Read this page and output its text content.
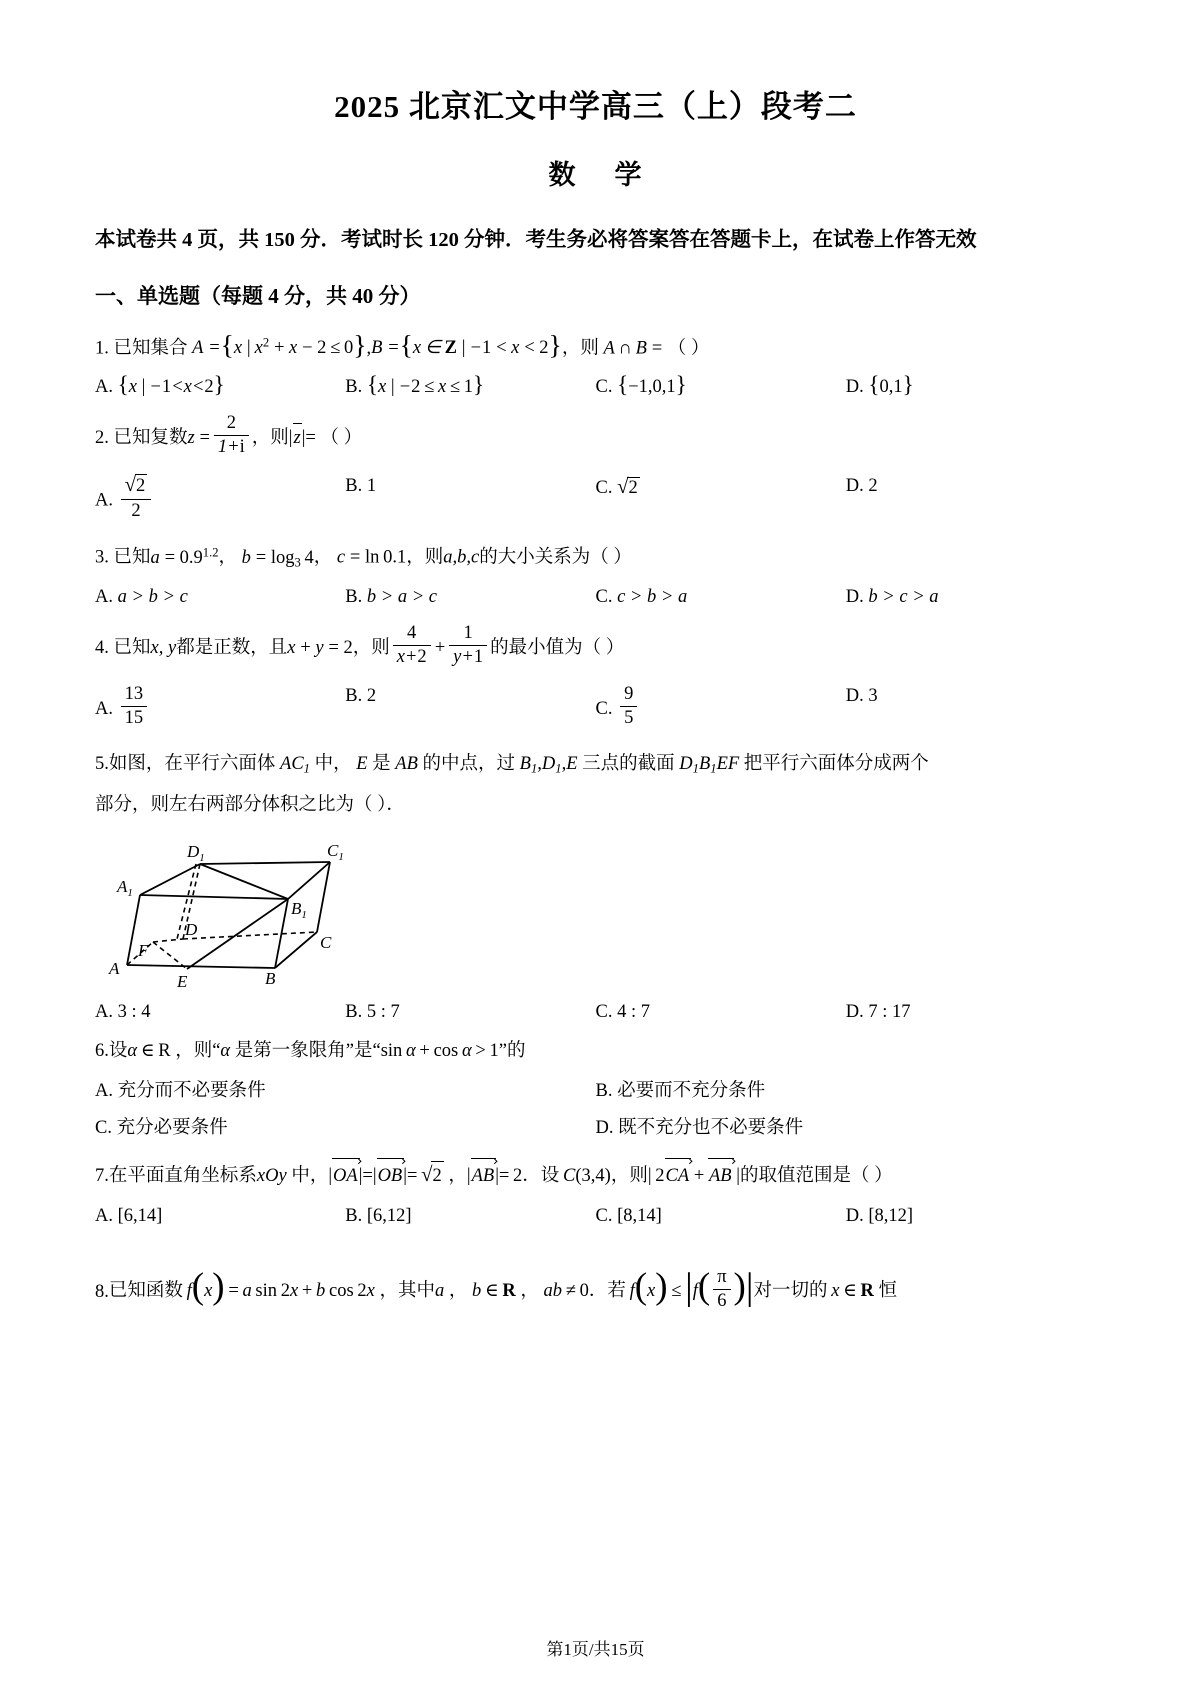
2025 北京汇文中学高三（上）段考二
数 学

本试卷共 4 页，共 150 分．考试时长 120 分钟．考生务必将答案答在答题卡上，在试卷上作答无效

一、单选题（每题 4 分，共 40 分）

1. 已知集合 A ={x | $x^2 + x - 2 \le 0\},B =\{x$ ∈ Z | −1 < x < 2}，则 A ∩ B = （ ）
A. {x | −1<x<2}	B. {x | −2 ≤ x ≤ 1}	C. {−1,0,1}	D. {0,1}
2. 已知复数$z = \frac{2}{1+i}$ ，则|z|= （ ）
A. $\frac{√2}{2}$	B. 1	C. √2	D. 2
3. 已知$a = 0.9^{1.2}$， $b = \log_3 4$， c = ln  0.1，则a,b,c的大小关系为（ ）
A. a > b > c	B. b > a > c	C. c > b > a	D. b > c > a
4. 已知x, y都是正数，且x + y = 2，则 $\frac{4}{x+2} + \frac{1}{y+1}$ 的最小值为（ ）
A. $\frac{13}{15}$	B. 2
C. $\frac{9}{5}$	D. 3
5.如图，在平行六面体 $AC_1$ 中， E 是 AB 的中点，过 $B_1,D_1,E$ 三点的截面 $D_1B_1EF$ 把平行六面体分成两个
部分，则左右两部分体积之比为（ ）．
$D_1$	$C_1$
$A_1$
$B_1$
D
C
F
A
E	B
A. 3 : 4	B. 5 : 7	C. 4 : 7	D. 7 : 17
6.设α ∈ R ，则“α 是第一象限角”是“sin  α + cos  α > 1”的
A. 充分而不必要条件	B. 必要而不充分条件
C. 充分必要条件	D. 既不充分也不必要条件
7.在平面直角坐标系xOy 中，|OA|=|OB|=  √2 ，|AB|=  2．设 C(3,4)，则| 2CA + AB |的取值范围是（ ）
A. [6,14]	B. [6,12]	C. [8,14]	D. [8,12]
8.已知函数 f(x) = a  sin  2x + b  cos  2x ，其中a ， b ∈ R ， ab ≠ 0．若 $f(x) \le |f( \frac{\pi}{6}$ )|对一切的 x ∈ R 恒
第1页/共15页
